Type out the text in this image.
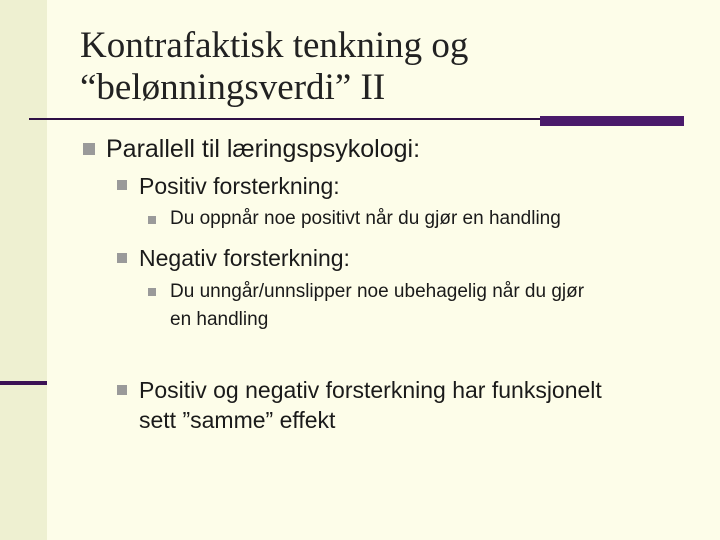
Kontrafaktisk tenkning og
“belønningsverdi” II
Parallell til læringspsykologi:
Positiv forsterkning:
Du oppnår noe positivt når du gjør en handling
Negativ forsterkning:
Du unngår/unnslipper noe ubehagelig når du gjør
en handling
Positiv og negativ forsterkning har funksjonelt
sett ”samme” effekt
